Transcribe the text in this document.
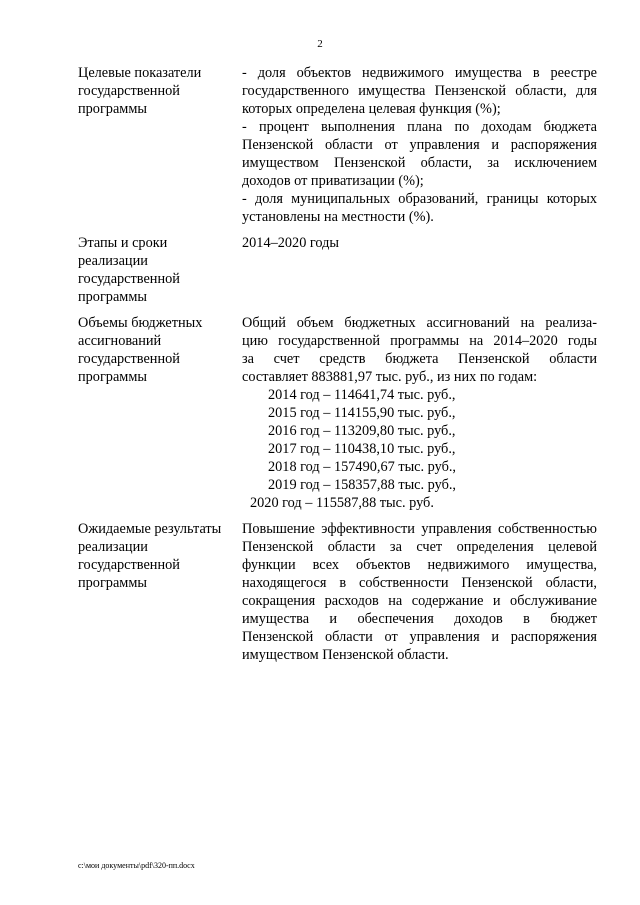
2
Целевые показатели
государственной
программы
- доля объектов недвижимого имущества в реестре
государственного имущества Пензенской области, для
которых определена целевая функция (%);
- процент выполнения плана по доходам бюджета
Пензенской области от управления и распоряжения
имуществом Пензенской области, за исключением
доходов от приватизации (%);
- доля муниципальных образований, границы которых
установлены на местности (%).
Этапы и сроки
реализации
государственной
программы
2014–2020 годы
Объемы бюджетных
ассигнований
государственной
программы
Общий объем бюджетных ассигнований на реализа-
цию государственной программы на 2014–2020 годы
за счет средств бюджета Пензенской области
составляет 883881,97 тыс. руб., из них по годам:
2014 год – 114641,74 тыс. руб.,
2015 год – 114155,90 тыс. руб.,
2016 год – 113209,80 тыс. руб.,
2017 год – 110438,10 тыс. руб.,
2018 год – 157490,67 тыс. руб.,
2019 год – 158357,88 тыс. руб.,
2020 год – 115587,88 тыс. руб.
Ожидаемые результаты
реализации
государственной
программы
Повышение эффективности управления собственностью
Пензенской области за счет определения целевой
функции всех объектов недвижимого имущества,
находящегося в собственности Пензенской области,
сокращения расходов на содержание и обслуживание
имущества и обеспечения доходов в бюджет
Пензенской области от управления и распоряжения
имуществом Пензенской области.
c:\мои документы\pdf\320-пп.docx
